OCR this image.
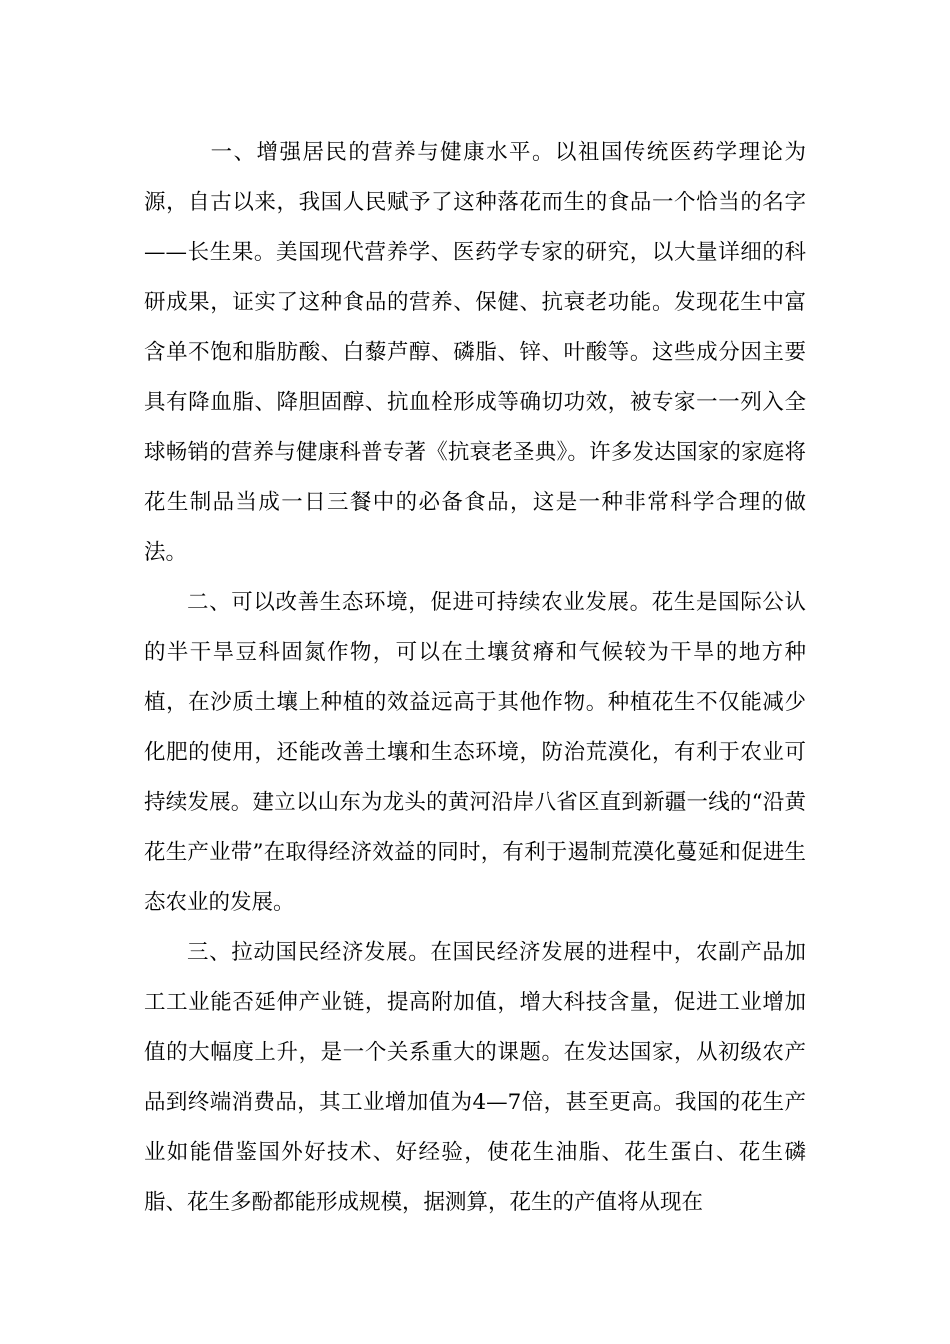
一、增强居民的营养与健康水平。以祖国传统医药学理论为源，自古以来，我国人民赋予了这种落花而生的食品一个恰当的名字——长生果。美国现代营养学、医药学专家的研究，以大量详细的科研成果，证实了这种食品的营养、保健、抗衰老功能。发现花生中富含单不饱和脂肪酸、白藜芦醇、磷脂、锌、叶酸等。这些成分因主要具有降血脂、降胆固醇、抗血栓形成等确切功效，被专家一一列入全球畅销的营养与健康科普专著《抗衰老圣典》。许多发达国家的家庭将花生制品当成一日三餐中的必备食品，这是一种非常科学合理的做法。

二、可以改善生态环境，促进可持续农业发展。花生是国际公认的半干旱豆科固氮作物，可以在土壤贫瘠和气候较为干旱的地方种植，在沙质土壤上种植的效益远高于其他作物。种植花生不仅能减少化肥的使用，还能改善土壤和生态环境，防治荒漠化，有利于农业可持续发展。建立以山东为龙头的黄河沿岸八省区直到新疆一线的“沿黄花生产业带”在取得经济效益的同时，有利于遏制荒漠化蔓延和促进生态农业的发展。

三、拉动国民经济发展。在国民经济发展的进程中，农副产品加工工业能否延伸产业链，提高附加值，增大科技含量，促进工业增加值的大幅度上升，是一个关系重大的课题。在发达国家，从初级农产品到终端消费品，其工业增加值为4—7倍，甚至更高。我国的花生产业如能借鉴国外好技术、好经验，使花生油脂、花生蛋白、花生磷脂、花生多酚都能形成规模，据测算，花生的产值将从现在
